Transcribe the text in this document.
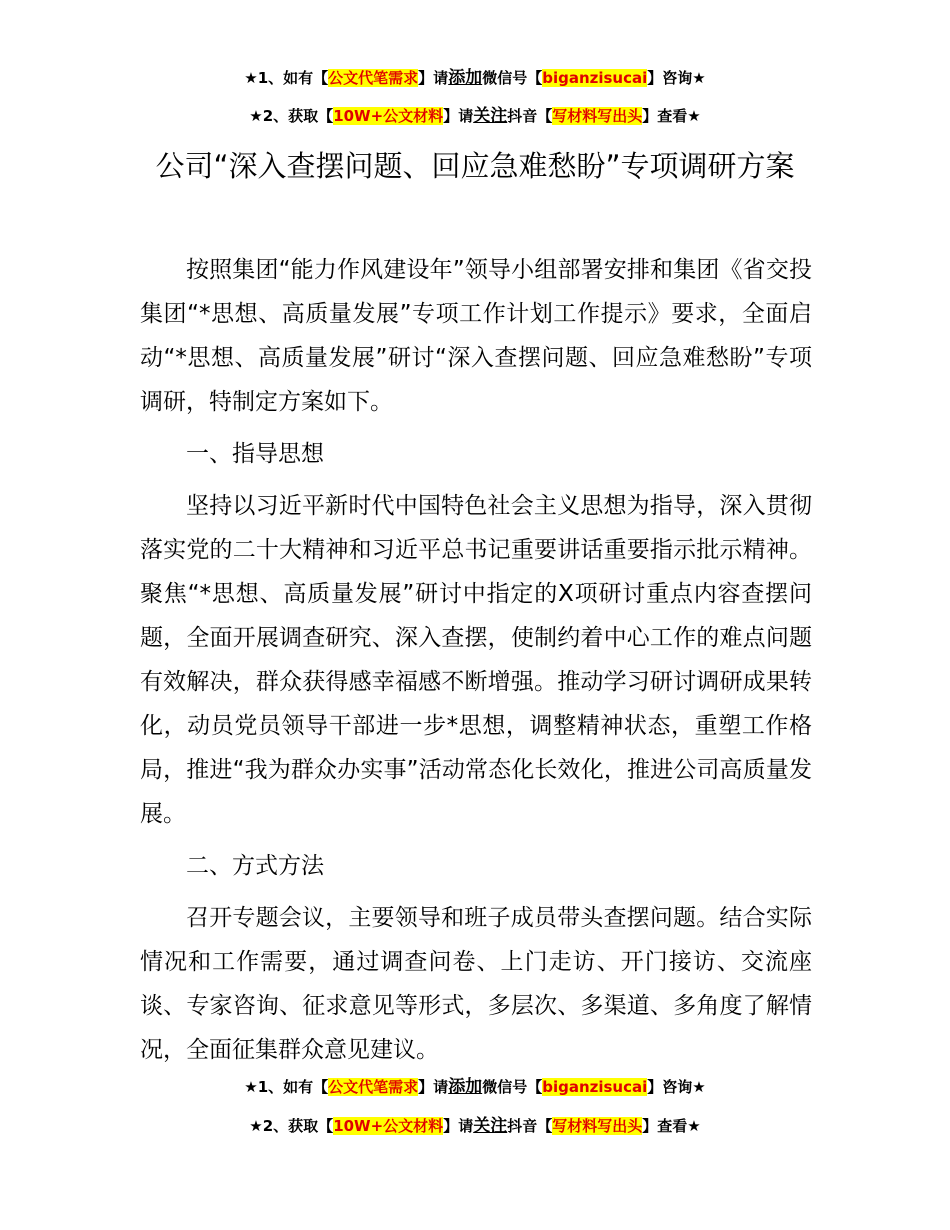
★1、如有【公文代笔需求】请添加微信号【biganzisucai】咨询★
★2、获取【10W+公文材料】请关注抖音【写材料写出头】查看★
公司“深入查摆问题、回应急难愁盼”专项调研方案

按照集团“能力作风建设年”领导小组部署安排和集团《省交投集团“*思想、高质量发展”专项工作计划工作提示》要求，全面启动“*思想、高质量发展”研讨“深入查摆问题、回应急难愁盼”专项调研，特制定方案如下。

一、指导思想

坚持以习近平新时代中国特色社会主义思想为指导，深入贯彻落实党的二十大精神和习近平总书记重要讲话重要指示批示精神。聚焦“*思想、高质量发展”研讨中指定的X项研讨重点内容查摆问题，全面开展调查研究、深入查摆，使制约着中心工作的难点问题有效解决，群众获得感幸福感不断增强。推动学习研讨调研成果转化，动员党员领导干部进一步*思想，调整精神状态，重塑工作格局，推进“我为群众办实事”活动常态化长效化，推进公司高质量发展。

二、方式方法

召开专题会议，主要领导和班子成员带头查摆问题。结合实际情况和工作需要，通过调查问卷、上门走访、开门接访、交流座谈、专家咨询、征求意见等形式，多层次、多渠道、多角度了解情况，全面征集群众意见建议。

★1、如有【公文代笔需求】请添加微信号【biganzisucai】咨询★
★2、获取【10W+公文材料】请关注抖音【写材料写出头】查看★
